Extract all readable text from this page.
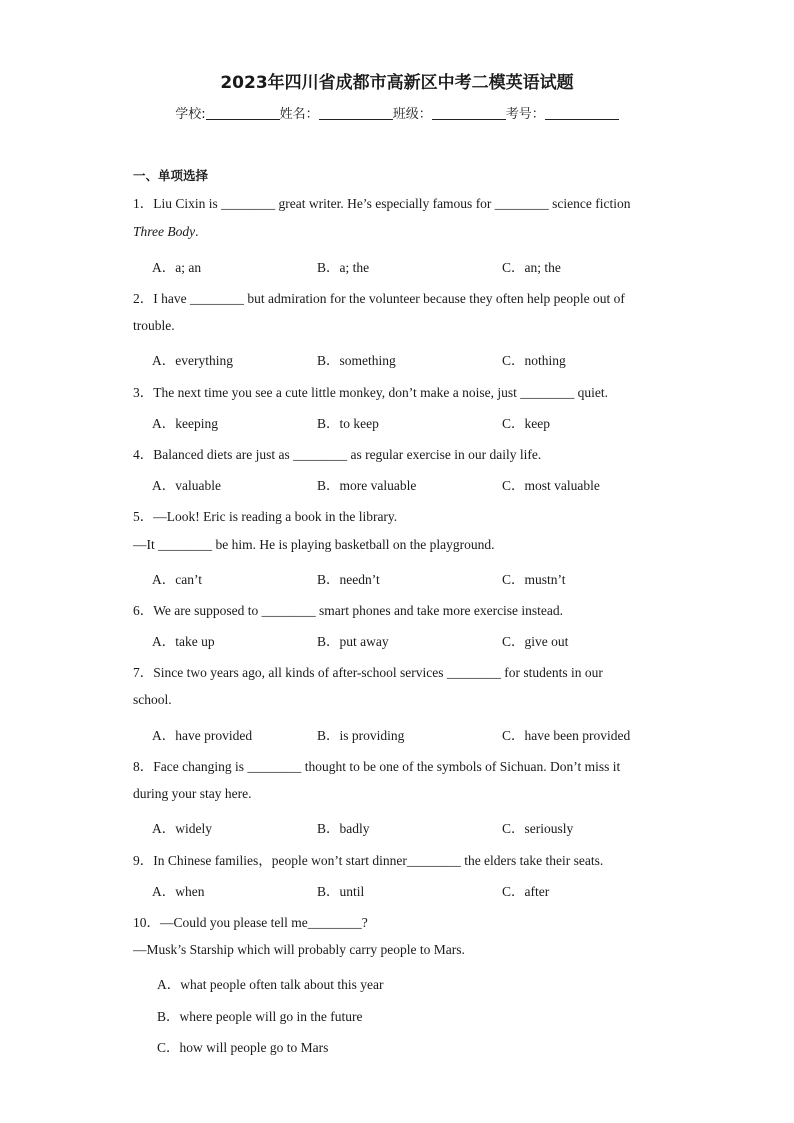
2023年四川省成都市高新区中考二模英语试题
学校:	姓名：	班级：	考号：
一、单项选择
1．Liu Cixin is ________ great writer. He’s especially famous for ________ science fiction
Three Body.
A．a; an	B．a; the	C．an; the
2．I have ________ but admiration for the volunteer because they often help people out of
trouble.
A．everything	B．something	C．nothing
3．The next time you see a cute little monkey, don’t make a noise, just ________ quiet.
A．keeping	B．to keep	C．keep
4．Balanced diets are just as ________ as regular exercise in our daily life.
A．valuable	B．more valuable	C．most valuable
5．—Look! Eric is reading a book in the library.
—It ________ be him. He is playing basketball on the playground.
A．can’t	B．needn’t	C．mustn’t
6．We are supposed to ________ smart phones and take more exercise instead.
A．take up	B．put away	C．give out
7．Since two years ago, all kinds of after-school services ________ for students in our
school.
A．have provided	B．is providing	C．have been provided
8．Face changing is ________ thought to be one of the symbols of Sichuan. Don’t miss it
during your stay here.
A．widely	B．badly	C．seriously
9．In Chinese families，people won’t start dinner________ the elders take their seats.
A．when	B．until	C．after
10．—Could you please tell me________?
—Musk’s Starship which will probably carry people to Mars.
A．what people often talk about this year
B．where people will go in the future
C．how will people go to Mars
